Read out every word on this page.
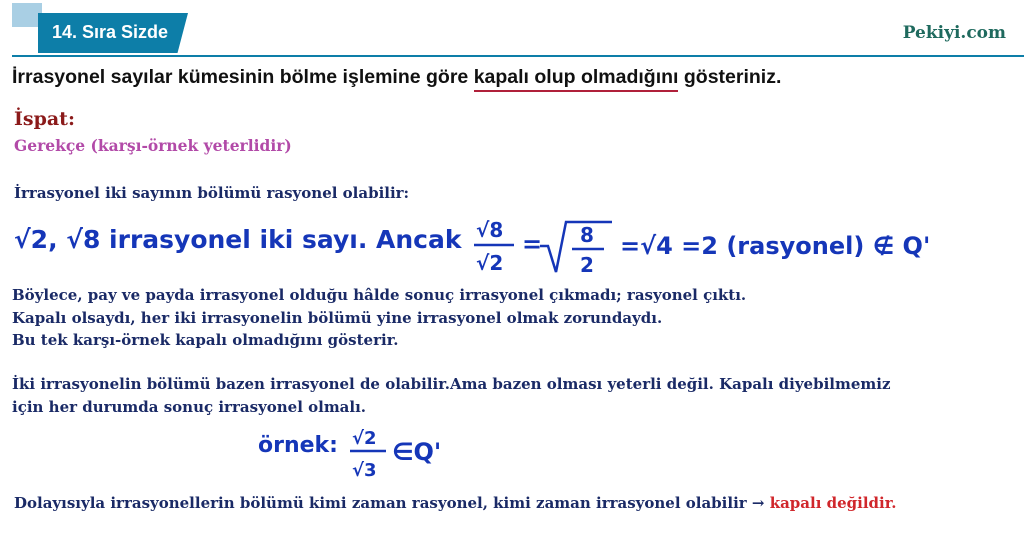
14. Sıra Sizde	Pekiyi.com
İrrasyonel sayılar kümesinin bölme işlemine göre kapalı olup olmadığını gösteriniz.
İspat:
Gerekçe (karşı-örnek yeterlidir)
İrrasyonel iki sayının bölümü rasyonel olabilir:
√2, √8 irrasyonel iki sayı. Ancak √8
√2
= 8
2
=√4 =2 (rasyonel) ∉ Q'
örnek: √2
√3
∈Q'
Böylece, pay ve payda irrasyonel olduğu hâlde sonuç irrasyonel çıkmadı; rasyonel çıktı.
Kapalı olsaydı, her iki irrasyonelin bölümü yine irrasyonel olmak zorundaydı.
Bu tek karşı-örnek kapalı olmadığını gösterir.
İki irrasyonelin bölümü bazen irrasyonel de olabilir.Ama bazen olması yeterli değil. Kapalı diyebilmemiz
için her durumda sonuç irrasyonel olmalı.
Dolayısıyla irrasyonellerin bölümü kimi zaman rasyonel, kimi zaman irrasyonel olabilir → kapalı değildir.
